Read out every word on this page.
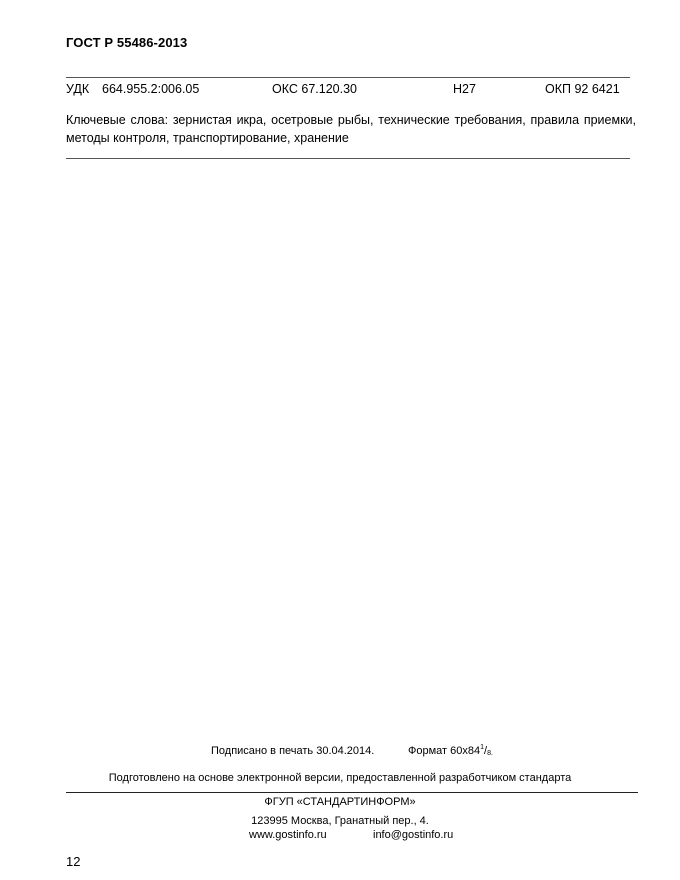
ГОСТ Р 55486-2013
УДК 664.955.2:006.05	ОКС 67.120.30	Н27	ОКП 92 6421
Ключевые слова: зернистая икра, осетровые рыбы, технические требования, правила приемки, методы контроля, транспортирование, хранение
Подписано в печать 30.04.2014.	Формат $60х84^1/_{8.}$
Подготовлено на основе электронной версии, предоставленной разработчиком стандарта
ФГУП «СТАНДАРТИНФОРМ»
123995 Москва, Гранатный пер., 4.
www.gostinfo.ru	info@gostinfo.ru
12
